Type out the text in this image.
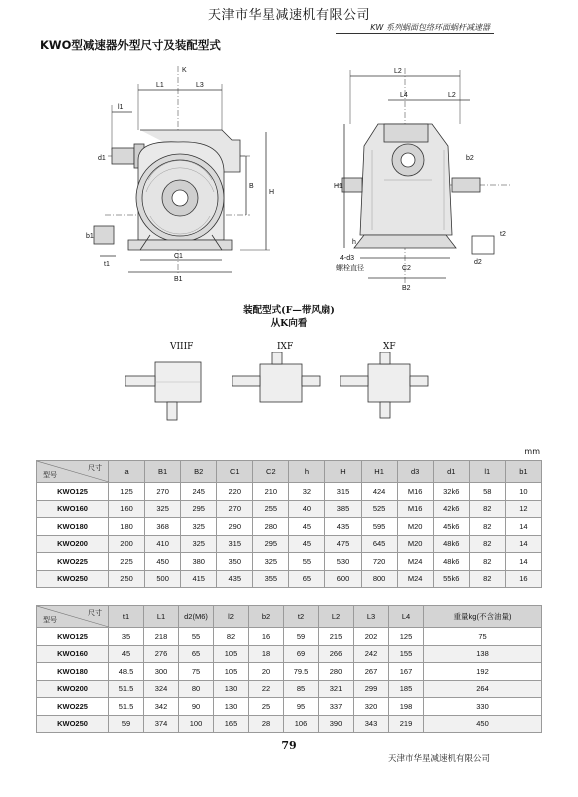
天津市华星减速机有限公司
KW 系列蜗面包络环面蜗杆减速器
KWO型减速器外型尺寸及装配型式
K
L1	L3
l1
d1
B
H
b1
t1
C1
B1
L2
L4	L2
H1
b2
h
4-d3
螺栓直径
t2
d2
C2
B2
装配型式(F—带风扇)
从K向看
VIIIF	IXF	XF
mm
尺寸
型号	a	B1	B2	C1	C2	h	H	H1	d3	d1	l1	b1
KWO125	125	270	245	220	210	32	315	424	M16	32k6	58	10
KWO160	160	325	295	270	255	40	385	525	M16	42k6	82	12
KWO180	180	368	325	290	280	45	435	595	M20	45k6	82	14
KWO200	200	410	325	315	295	45	475	645	M20	48k6	82	14
KWO225	225	450	380	350	325	55	530	720	M24	48k6	82	14
KWO250	250	500	415	435	355	65	600	800	M24	55k6	82	16
尺寸
型号	t1	L1	d2(M6)	l2	b2	t2	L2	L3	L4	重量kg(不含油量)
KWO125	35	218	55	82	16	59	215	202	125	75
KWO160	45	276	65	105	18	69	266	242	155	138
KWO180	48.5	300	75	105	20	79.5	280	267	167	192
KWO200	51.5	324	80	130	22	85	321	299	185	264
KWO225	51.5	342	90	130	25	95	337	320	198	330
KWO250	59	374	100	165	28	106	390	343	219	450
79
天津市华星减速机有限公司
